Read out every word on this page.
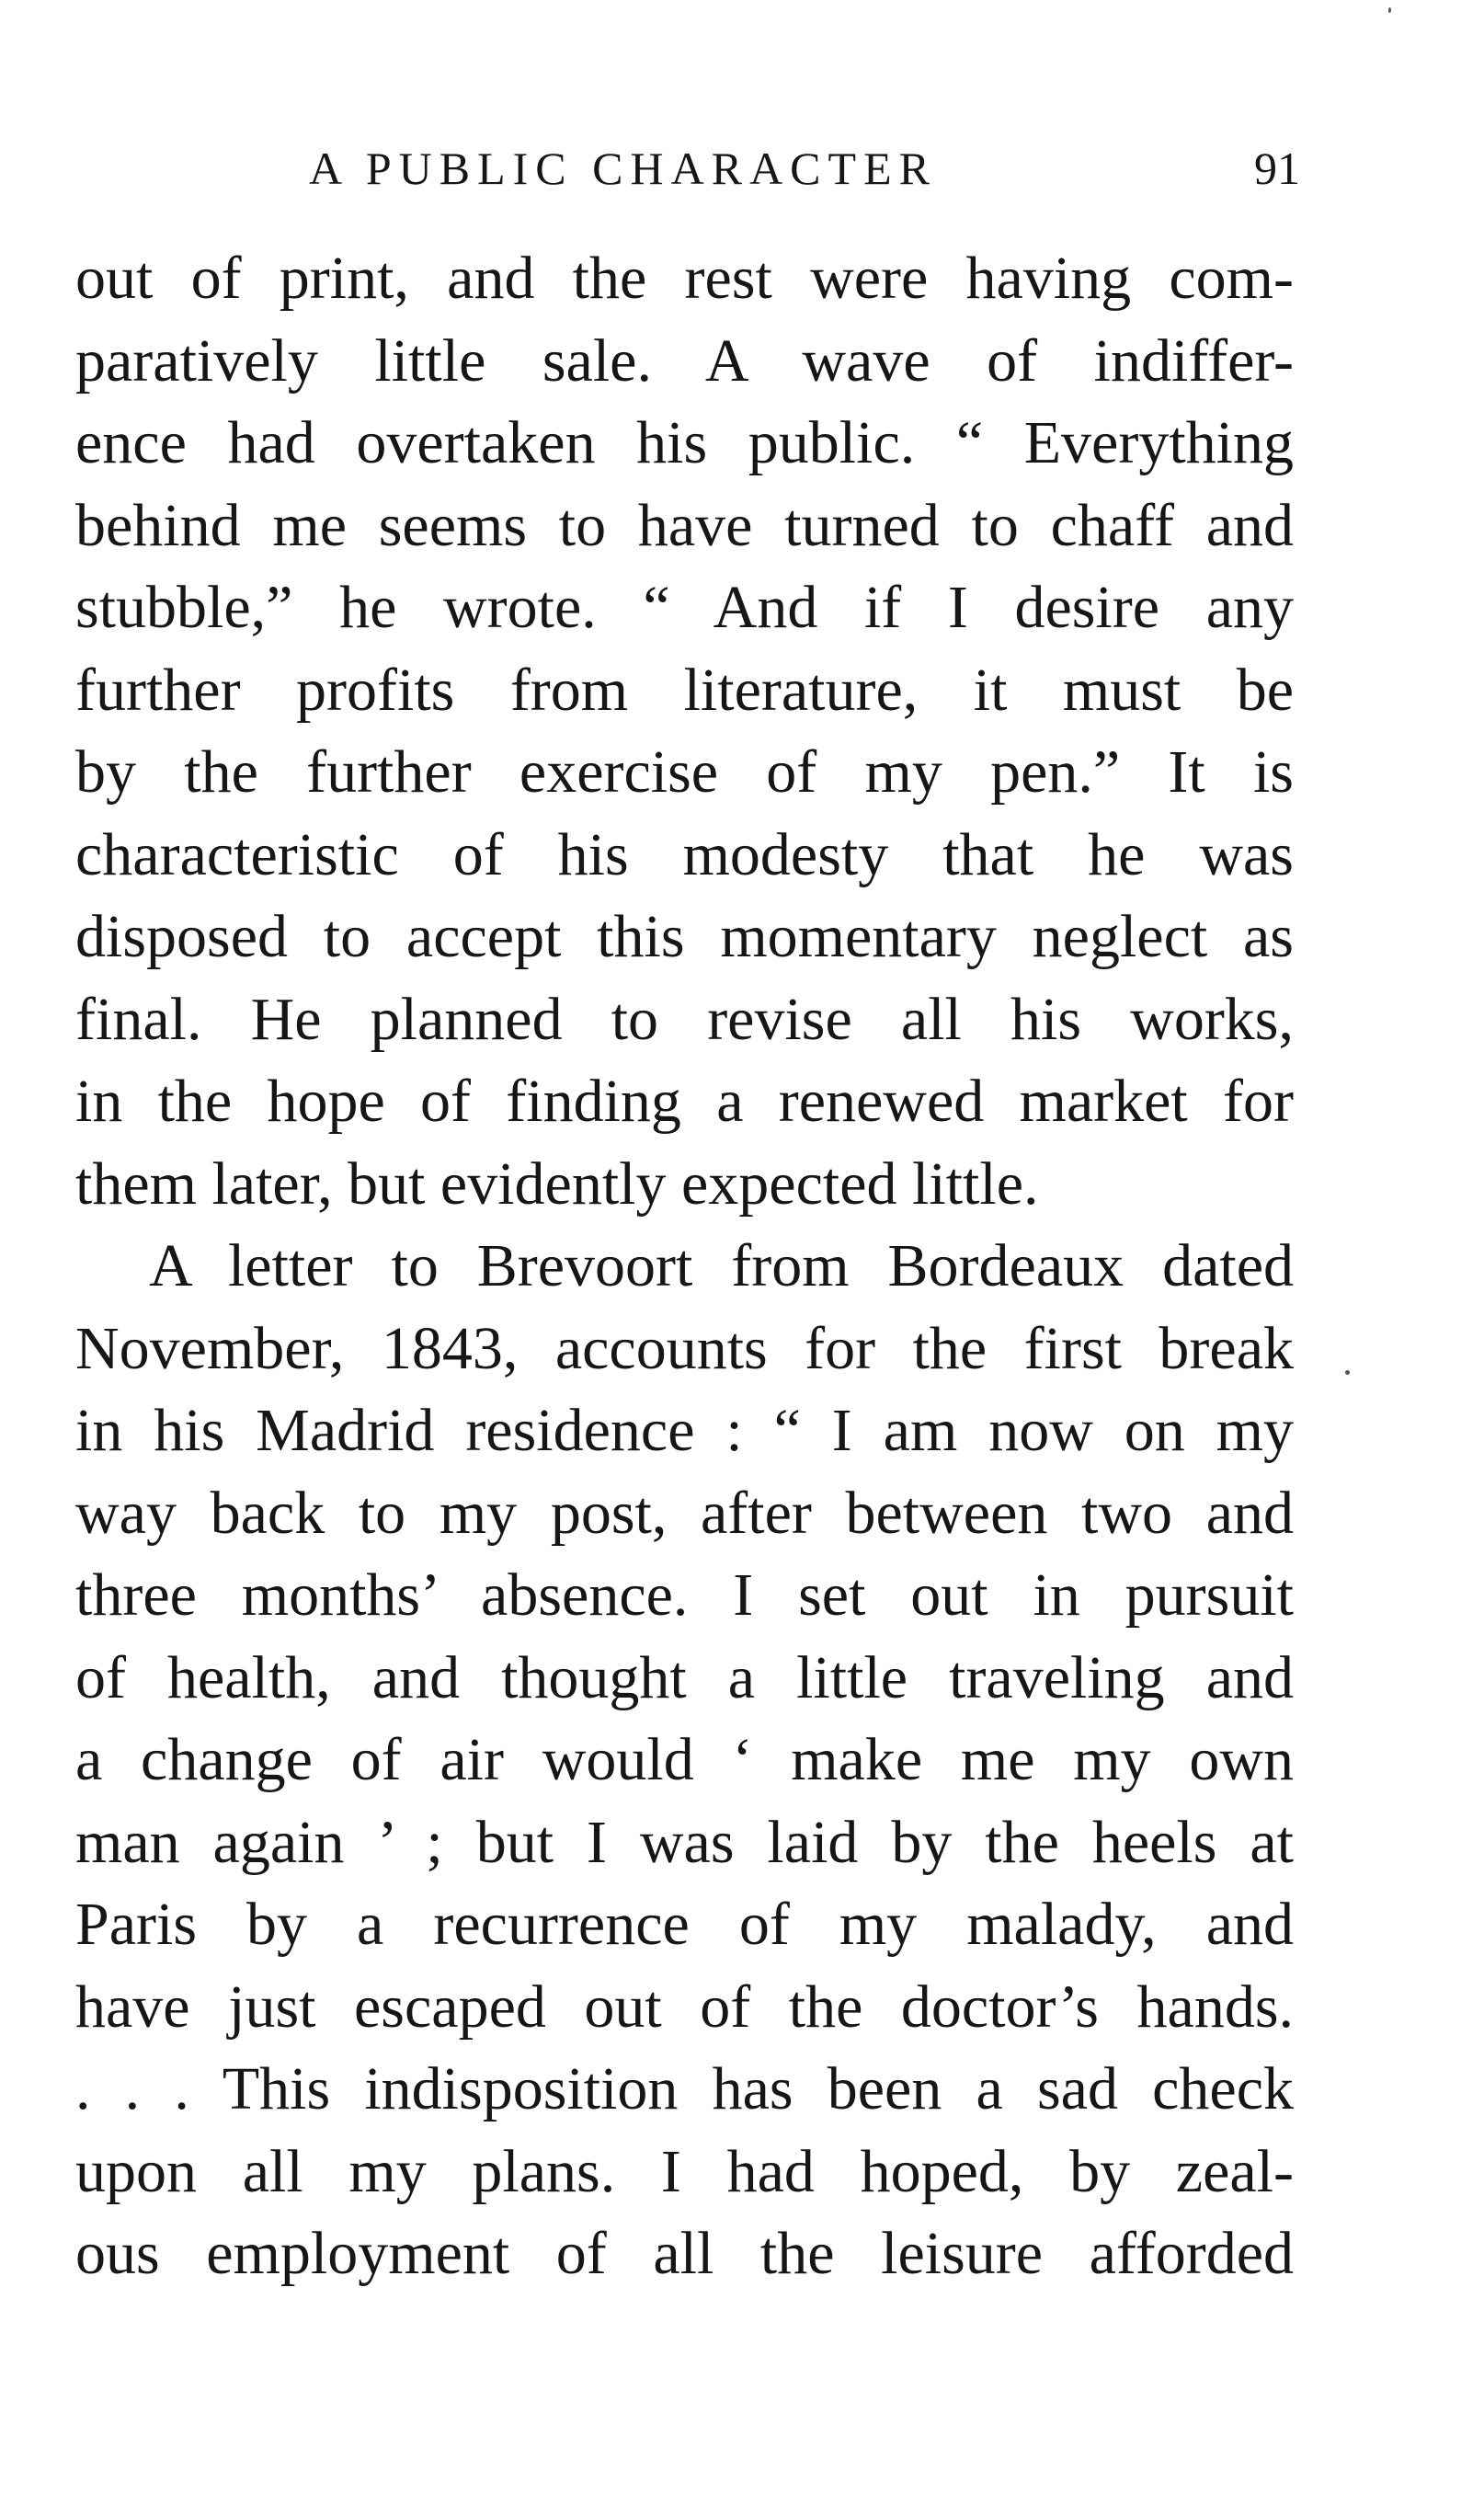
A PUBLIC CHARACTER	91
out of print, and the rest were having com-
paratively little sale. A wave of indiffer-
ence had overtaken his public. “ Everything
behind me seems to have turned to chaff and
stubble,” he wrote. “ And if I desire any
further profits from literature, it must be
by the further exercise of my pen.” It is
characteristic of his modesty that he was
disposed to accept this momentary neglect as
final. He planned to revise all his works,
in the hope of finding a renewed market for
them later, but evidently expected little.
A letter to Brevoort from Bordeaux dated
November, 1843, accounts for the first break
in his Madrid residence : “ I am now on my
way back to my post, after between two and
three months’ absence. I set out in pursuit
of health, and thought a little traveling and
a change of air would ‘ make me my own
man again ’ ; but I was laid by the heels at
Paris by a recurrence of my malady, and
have just escaped out of the doctor’s hands.
. . . This indisposition has been a sad check
upon all my plans. I had hoped, by zeal-
ous employment of all the leisure afforded
